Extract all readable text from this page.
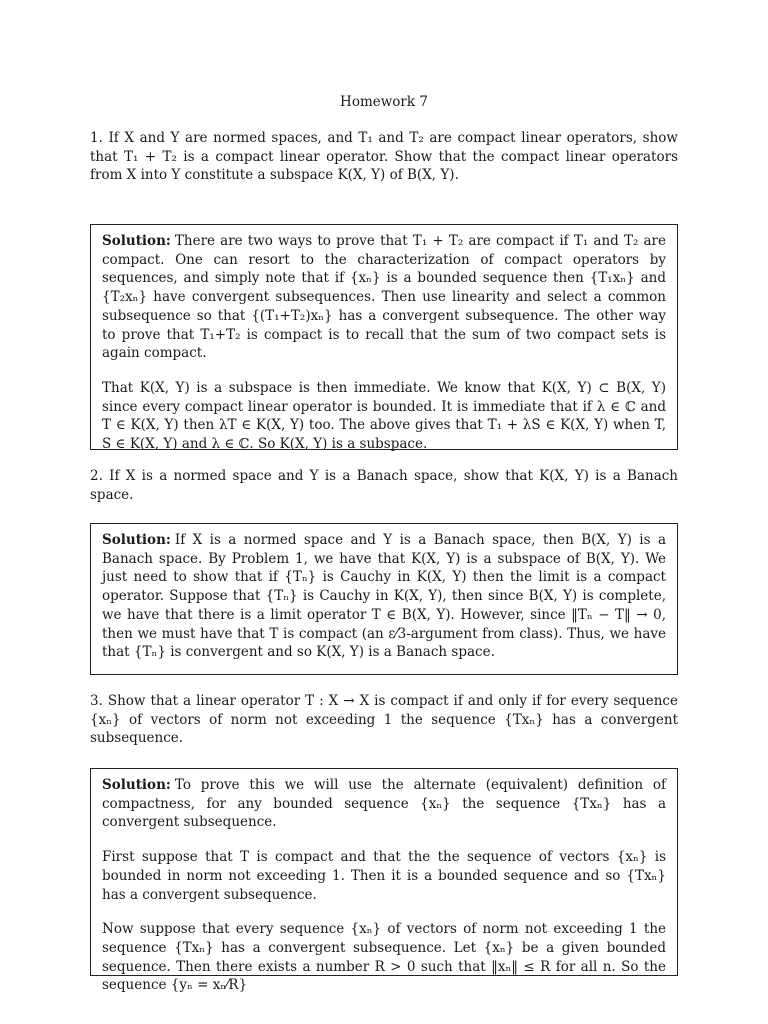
Homework 7
1. If X and Y are normed spaces, and T₁ and T₂ are compact linear operators, show that T₁ + T₂ is a compact linear operator. Show that the compact linear operators from X into Y constitute a subspace K(X, Y) of B(X, Y).

Solution: There are two ways to prove that T₁ + T₂ are compact if T₁ and T₂ are compact. One can resort to the characterization of compact operators by sequences, and simply note that if {xₙ} is a bounded sequence then {T₁xₙ} and {T₂xₙ} have convergent subsequences. Then use linearity and select a common subsequence so that {(T₁+T₂)xₙ} has a convergent subsequence. The other way to prove that T₁+T₂ is compact is to recall that the sum of two compact sets is again compact.

That K(X, Y) is a subspace is then immediate. We know that K(X, Y) ⊂ B(X, Y) since every compact linear operator is bounded. It is immediate that if λ ∈ ℂ and T ∈ K(X, Y) then λT ∈ K(X, Y) too. The above gives that T₁ + λS ∈ K(X, Y) when T, S ∈ K(X, Y) and λ ∈ ℂ. So K(X, Y) is a subspace.

2. If X is a normed space and Y is a Banach space, show that K(X, Y) is a Banach space.

Solution: If X is a normed space and Y is a Banach space, then B(X, Y) is a Banach space. By Problem 1, we have that K(X, Y) is a subspace of B(X, Y). We just need to show that if {Tₙ} is Cauchy in K(X, Y) then the limit is a compact operator. Suppose that {Tₙ} is Cauchy in K(X, Y), then since B(X, Y) is complete, we have that there is a limit operator T ∈ B(X, Y). However, since ‖Tₙ − T‖ → 0, then we must have that T is compact (an ε⁄3-argument from class). Thus, we have that {Tₙ} is convergent and so K(X, Y) is a Banach space.

3. Show that a linear operator T : X → X is compact if and only if for every sequence {xₙ} of vectors of norm not exceeding 1 the sequence {Txₙ} has a convergent subsequence.

Solution: To prove this we will use the alternate (equivalent) definition of compactness, for any bounded sequence {xₙ} the sequence {Txₙ} has a convergent subsequence.

First suppose that T is compact and that the the sequence of vectors {xₙ} is bounded in norm not exceeding 1. Then it is a bounded sequence and so {Txₙ} has a convergent subsequence.

Now suppose that every sequence {xₙ} of vectors of norm not exceeding 1 the sequence {Txₙ} has a convergent subsequence. Let {xₙ} be a given bounded sequence. Then there exists a number R > 0 such that ‖xₙ‖ ≤ R for all n. So the sequence {yₙ = xₙ⁄R}
